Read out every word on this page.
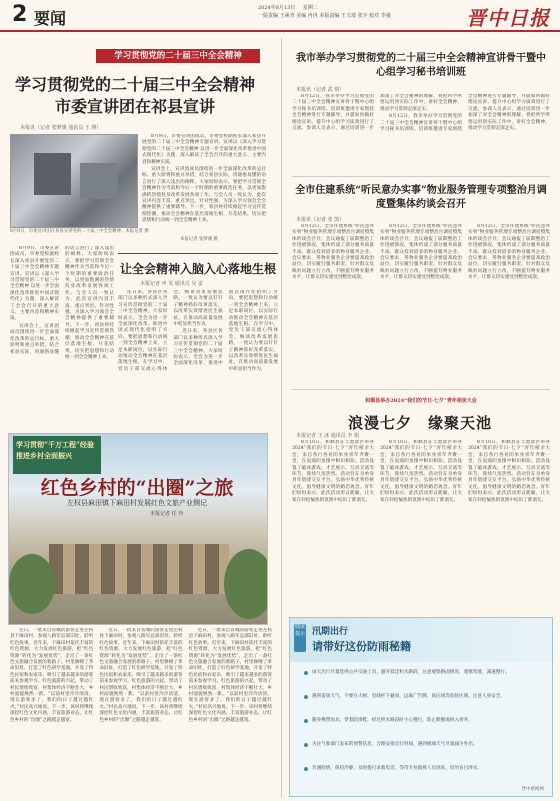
2 要闻
2024年8月13日 星期二
一版责编 王素青 美编 冉冉 本版责编 王文琦 张宇 校对 李强	晋中日报
学习贯彻党的二十届三中全会精神
学习贯彻党的二十届三中全会精神市委宣讲团在祁县宣讲
本报讯（记者 张梦溪 通讯员 王 瑛）
8月9日，市委宣讲团在祁县宣讲党的二十届三中全会精神。本报记者 摄
本报记者 张梦溪 摄

8月9日，市委宣讲团成员、市委党校副校长深入祁县开展党的二十届三中全会精神专题宣讲。宣讲以《深入学习贯彻党的二十届三中全会精神 以进一步全面深化改革推进中国式现代化》为题，深入解读了全会召开的重大意义、主要内容和精神实质。

宣讲会上，宣讲团成员围绕进一步全面深化改革的总目标、重大原则和重点举措，结合祁县实际，用通俗易懂的语言进行了深入浅出的阐释。大家纷纷表示，要把学习贯彻全会精神作为当前和今后一个时期的重要政治任务，以更加饱满的热情投身改革发展各项工作。与会人员一致认为，此次宣讲内容丰富、重点突出、针对性强，为深入学习领会全会精神提供了重要辅导。下一步，祁县将持续掀起学习宣传贯彻热潮，推动全会精神在基层落地生根、开花结果，切实把思想和行动统一到全会精神上来。

8月9日，市委宣讲团成员、市委党校副校长深入祁县开展党的二十届三中全会精神专题宣讲。宣讲以《深入学习贯彻党的二十届三中全会精神 以进一步全面深化改革推进中国式现代化》为题，深入解读了全会召开的重大意义、主要内容和精神实质。

宣讲会上，宣讲团成员围绕进一步全面深化改革的总目标、重大原则和重点举措，结合祁县实际，用通俗易懂的语言进行了深入浅出的阐释。大家纷纷表示，要把学习贯彻全会精神作为当前和今后一个时期的重要政治任务，以更加饱满的热情投身改革发展各项工作。与会人员一致认为，此次宣讲内容丰富、重点突出、针对性强，为深入学习领会全会精神提供了重要辅导。下一步，祁县将持续掀起学习宣传贯彻热潮，推动全会精神在基层落地生根、开花结果，切实把思想和行动统一到全会精神上来。

让全会精神入脑入心落地生根
本报记者 申 雯 通讯员 吴 雷

连日来，各县区各部门以多种形式深入学习宣传贯彻党的二十届三中全会精神。大家纷纷表示，全会为进一步全面深化改革、推进中国式现代化指明了方向。要把思想和行动统一到全会精神上来，立足本职岗位，以实际行动推动全会精神在基层落地生根。在学习中，党员干部交流心得体会，畅谈改革发展思路，一致认为要以钉钉子精神抓好改革落实，以改革实效增进民生福祉，在推动高质量发展中彰显担当作为。

连日来，各县区各部门以多种形式深入学习宣传贯彻党的二十届三中全会精神。大家纷纷表示，全会为进一步全面深化改革、推进中国式现代化指明了方向。要把思想和行动统一到全会精神上来，立足本职岗位，以实际行动推动全会精神在基层落地生根。在学习中，党员干部交流心得体会，畅谈改革发展思路，一致认为要以钉钉子精神抓好改革落实，以改革实效增进民生福祉，在推动高质量发展中彰显担当作为。

学习贯彻“千万工程”经验 推进乡村全面振兴
红色乡村的“出圈”之旅
左权县麻田镇下麻田村发展红色文旅产业侧记
本报记者 任 玲

近日，一批来自省城的游客走进左权县下麻田村，参观八路军总部旧址，聆听红色故事。近年来，下麻田村依托丰富的红色资源，大力发展红色旅游，把“红色资源”转化为“发展优势”，走出了一条红色文旅融合发展的新路子。村里修缮了革命旧址，打造了红色研学基地，开发了特色民宿和农家乐，吸引了越来越多的游客前来参观学习。红色旅游的兴起，带动了村民增收致富，村集体经济不断壮大，乡村面貌焕然一新。“以前村里冷冷清清，现在游客多了，我们的日子越过越红火。”村民高兴地说。下一步，该村将继续深挖红色文化内涵，丰富旅游业态，让红色乡村的“出圈”之路越走越宽。

近日，一批来自省城的游客走进左权县下麻田村，参观八路军总部旧址，聆听红色故事。近年来，下麻田村依托丰富的红色资源，大力发展红色旅游，把“红色资源”转化为“发展优势”，走出了一条红色文旅融合发展的新路子。村里修缮了革命旧址，打造了红色研学基地，开发了特色民宿和农家乐，吸引了越来越多的游客前来参观学习。红色旅游的兴起，带动了村民增收致富，村集体经济不断壮大，乡村面貌焕然一新。“以前村里冷冷清清，现在游客多了，我们的日子越过越红火。”村民高兴地说。下一步，该村将继续深挖红色文化内涵，丰富旅游业态，让红色乡村的“出圈”之路越走越宽。

近日，一批来自省城的游客走进左权县下麻田村，参观八路军总部旧址，聆听红色故事。近年来，下麻田村依托丰富的红色资源，大力发展红色旅游，把“红色资源”转化为“发展优势”，走出了一条红色文旅融合发展的新路子。村里修缮了革命旧址，打造了红色研学基地，开发了特色民宿和农家乐，吸引了越来越多的游客前来参观学习。红色旅游的兴起，带动了村民增收致富，村集体经济不断壮大，乡村面貌焕然一新。“以前村里冷冷清清，现在游客多了，我们的日子越过越红火。”村民高兴地说。下一步，该村将继续深挖红色文化内涵，丰富旅游业态，让红色乡村的“出圈”之路越走越宽。

我市举办学习贯彻党的二十届三中全会精神宣讲骨干暨中心组学习秘书培训班
本报讯（记者 武 琪）

8月12日，我市举办学习贯彻党的二十届三中全会精神宣讲骨干暨中心组学习秘书培训班。培训班邀请专家围绕全会精神进行专题辅导，并就如何做好理论宣讲、提升中心组学习质效进行了交流。参训人员表示，通过培训进一步加深了对全会精神的理解，将把所学所悟运用到实际工作中，讲好全会精神，推动学习贯彻走深走实。

8月12日，我市举办学习贯彻党的二十届三中全会精神宣讲骨干暨中心组学习秘书培训班。培训班邀请专家围绕全会精神进行专题辅导，并就如何做好理论宣讲、提升中心组学习质效进行了交流。参训人员表示，通过培训进一步加深了对全会精神的理解，将把所学所悟运用到实际工作中，讲好全会精神，推动学习贯彻走深走实。

全市住建系统“听民意办实事”物业服务管理专项整治月调度暨集体约谈会召开
本报讯（记者 张 凯）

8月12日，全市住建系统“听民意办实事”物业服务管理专项整治月调度暨集体约谈会召开。会议通报了前期整治工作进展情况，集体约谈了部分服务质量不高、群众投诉较多的物业服务企业。会议要求，各物业服务企业要提高政治站位，切实履行服务职责，针对群众反映的问题立行立改，不断提升物业服务水平，让群众切实感受到整治成效。

8月12日，全市住建系统“听民意办实事”物业服务管理专项整治月调度暨集体约谈会召开。会议通报了前期整治工作进展情况，集体约谈了部分服务质量不高、群众投诉较多的物业服务企业。会议要求，各物业服务企业要提高政治站位，切实履行服务职责，针对群众反映的问题立行立改，不断提升物业服务水平，让群众切实感受到整治成效。

8月12日，全市住建系统“听民意办实事”物业服务管理专项整治月调度暨集体约谈会召开。会议通报了前期整治工作进展情况，集体约谈了部分服务质量不高、群众投诉较多的物业服务企业。会议要求，各物业服务企业要提高政治站位，切实履行服务职责，针对群众反映的问题立行立改，不断提升物业服务水平，让群众切实感受到整治成效。

和顺县举办2024“我们的节日·七夕”青年相亲大会
浪漫七夕　缘聚天池
本报记者 王 冰 通讯员 李 娟

8月10日，和顺县在天池景区举办2024“我们的节日·七夕”青年相亲大会，来自各行各业的单身青年齐聚一堂，在浪漫的氛围中相识相知。活动设置了破冰游戏、才艺展示、互动交流等环节，现场气氛热烈。活动旨在为单身青年搭建交友平台，弘扬中华优秀传统文化，倡导健康文明的婚恋观念。青年们纷纷表示，此次活动形式新颖，让大家在轻松愉快的氛围中结识了新朋友。

8月10日，和顺县在天池景区举办2024“我们的节日·七夕”青年相亲大会，来自各行各业的单身青年齐聚一堂，在浪漫的氛围中相识相知。活动设置了破冰游戏、才艺展示、互动交流等环节，现场气氛热烈。活动旨在为单身青年搭建交友平台，弘扬中华优秀传统文化，倡导健康文明的婚恋观念。青年们纷纷表示，此次活动形式新颖，让大家在轻松愉快的氛围中结识了新朋友。

8月10日，和顺县在天池景区举办2024“我们的节日·七夕”青年相亲大会，来自各行各业的单身青年齐聚一堂，在浪漫的氛围中相识相知。活动设置了破冰游戏、才艺展示、互动交流等环节，现场气氛热烈。活动旨在为单身青年搭建交友平台，弘扬中华优秀传统文化，倡导健康文明的婚恋观念。青年们纷纷表示，此次活动形式新颖，让大家在轻松愉快的氛围中结识了新朋友。

健康提示 汛期出行
请带好这份防雨秘籍
雨天出行尽量选择公共交通工具，避开低洼积水路段，注意观察路面情况，谨慎驾驶，减速慢行。
遇到雷雨天气，不要在大树、电线杆下避雨，远离广告牌、高压线等危险区域，注意人身安全。
随身携带雨具，穿着防滑鞋，经过积水路段时小心慢行，防止跌倒或掉入窨井。
关注气象部门发布的预警信息，合理安排出行时间，遇到极端天气尽量减少外出。
若遇险情，保持冷静，及时拨打求救电话，等待专业救援人员到来，切勿盲目涉水。
晋中新闻网
